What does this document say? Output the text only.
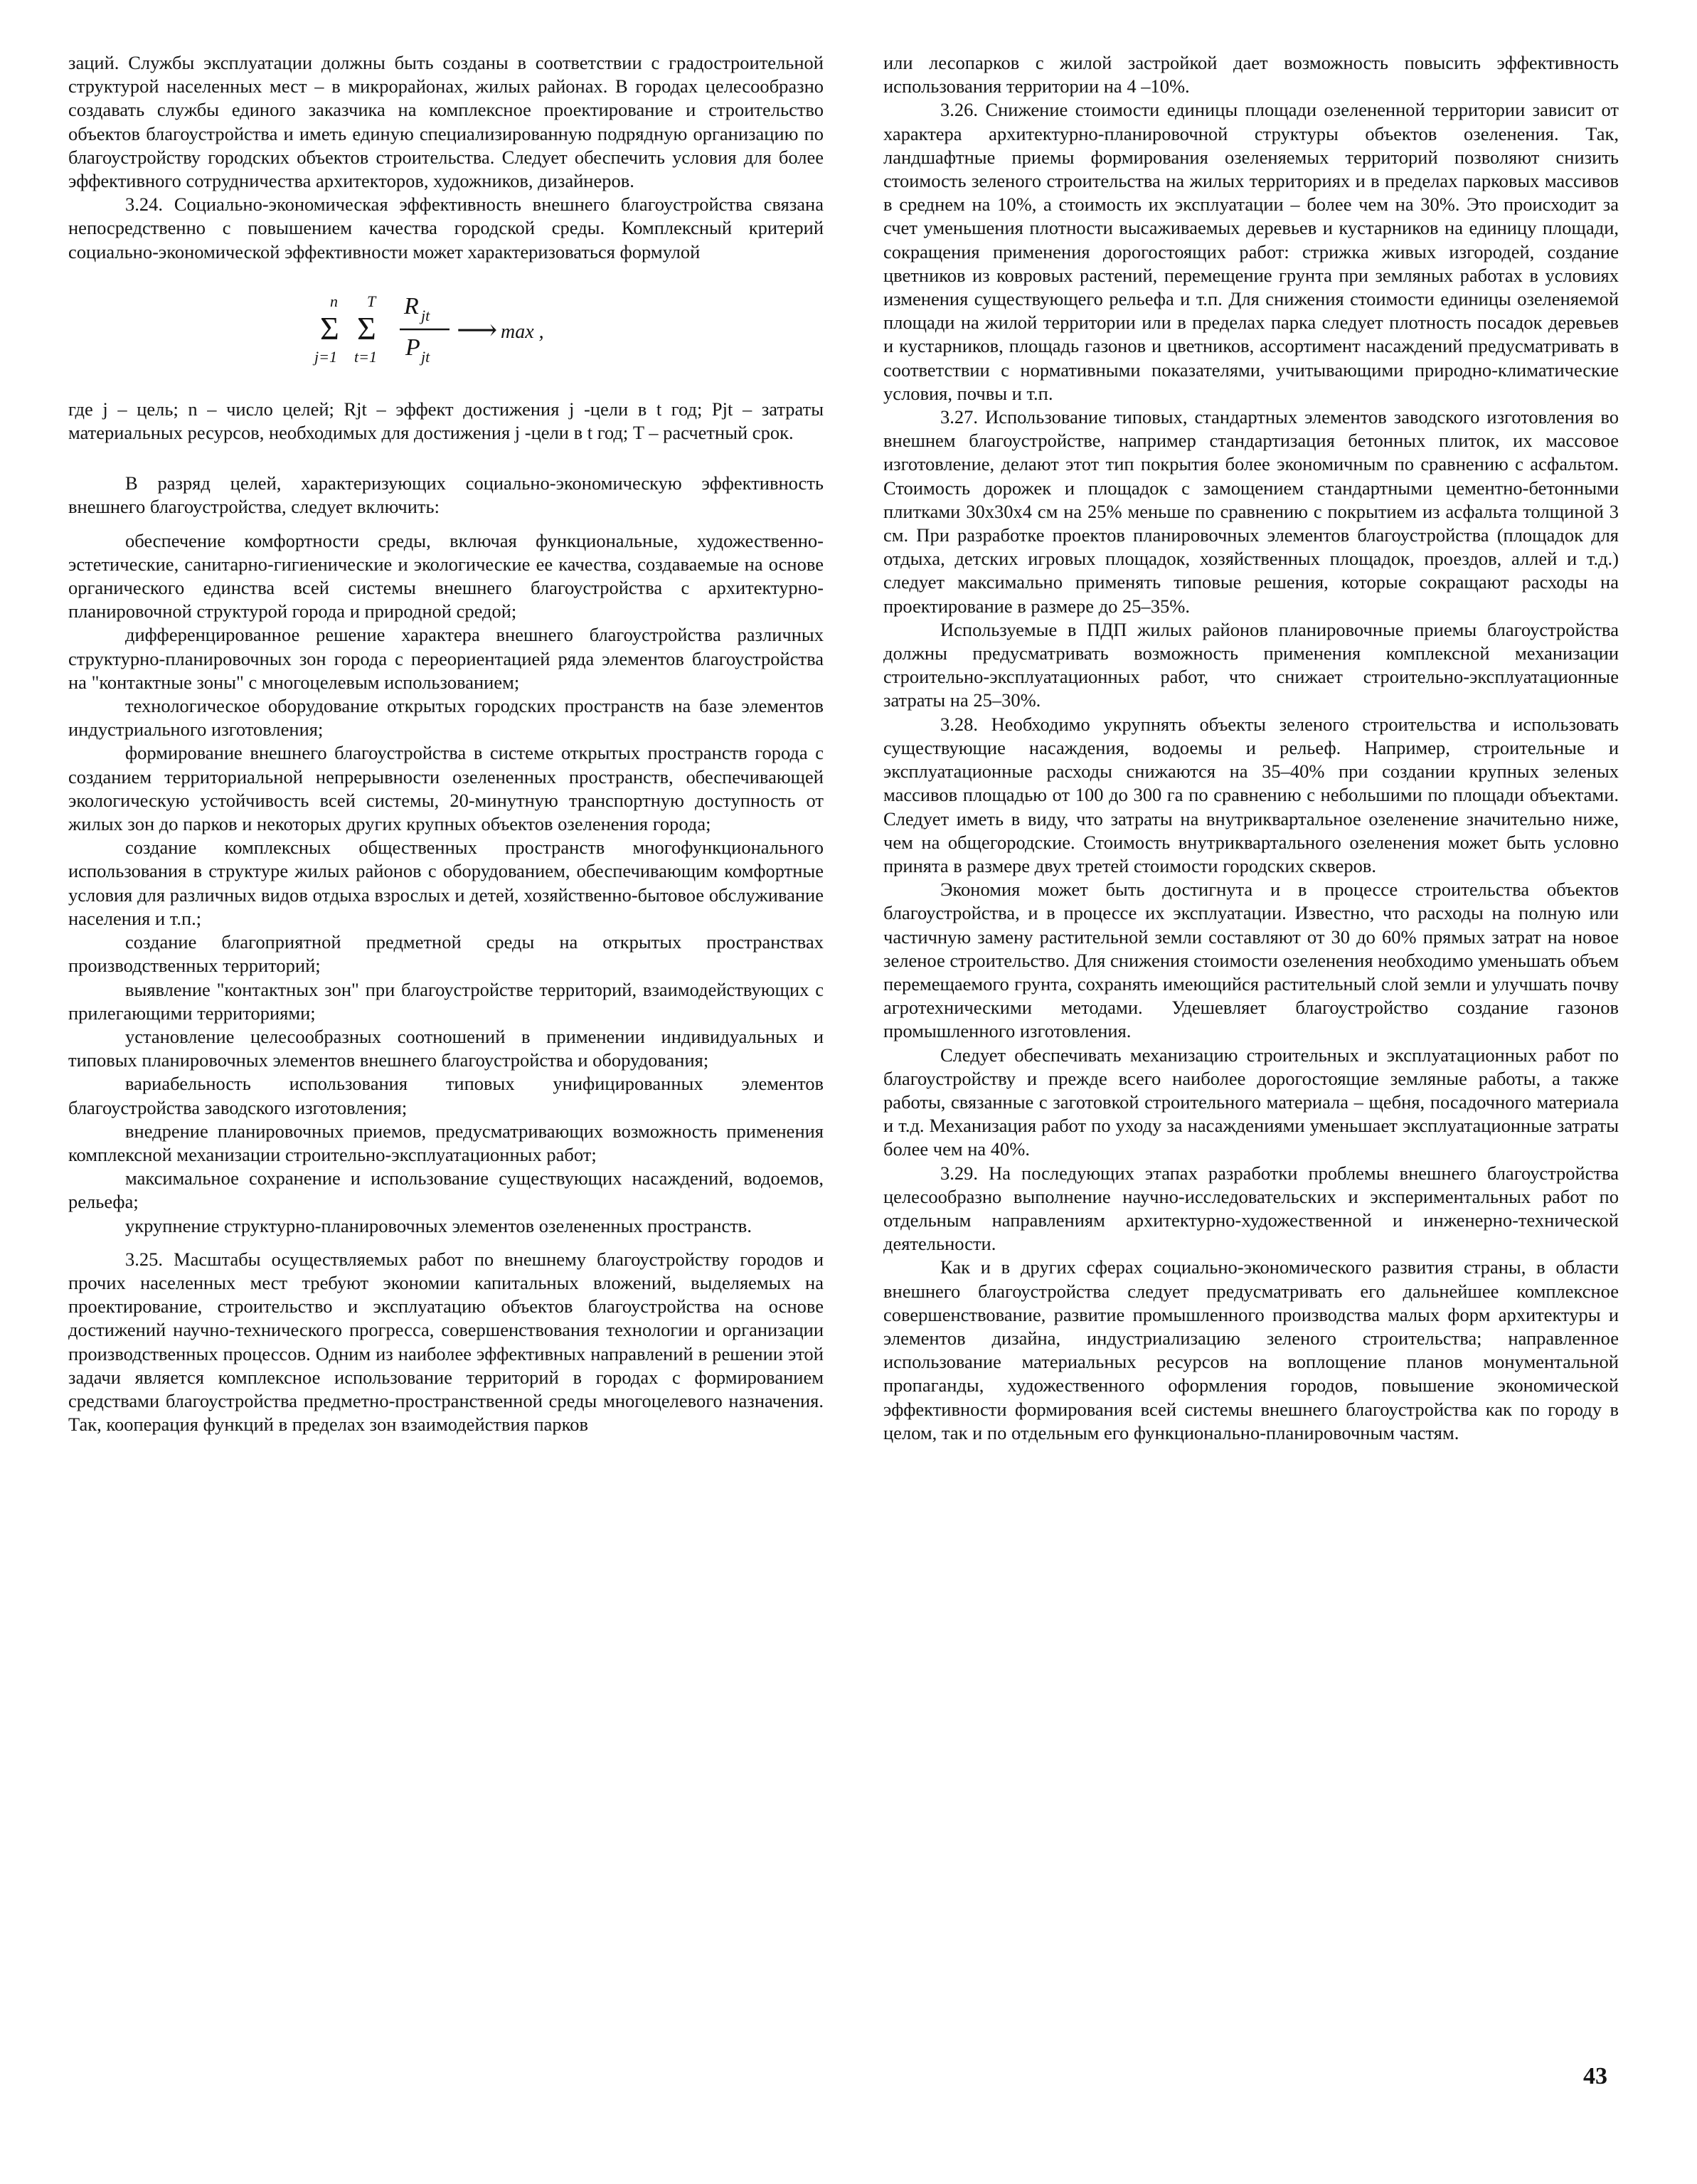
заций. Службы эксплуатации должны быть созданы в соответствии с градостроительной структурой населенных мест – в микрорайонах, жилых районах. В городах целесообразно создавать службы единого заказчика на комплексное проектирование и строительство объектов благоустройства и иметь единую специализированную подрядную организацию по благоустройству городских объектов строительства. Следует обеспечить условия для более эффективного сотрудничества архитекторов, художников, дизайнеров.

3.24. Социально-экономическая эффективность внешнего благоустройства связана непосредственно с повышением качества городской среды. Комплексный критерий социально-экономической эффективности может характеризоваться формулой

n T
Σ Σ
j=1 t=1
R jt
P jt
⟶ max ,

где j – цель; n – число целей; Rjt – эффект достижения j -цели в t год; Pjt – затраты материальных ресурсов, необходимых для достижения j -цели в t год; T – расчетный срок.

В разряд целей, характеризующих социально-экономическую эффективность внешнего благоустройства, следует включить:

обеспечение комфортности среды, включая функциональные, художественно-эстетические, санитарно-гигиенические и экологические ее качества, создаваемые на основе органического единства всей системы внешнего благоустройства с архитектурно-планировочной структурой города и природной средой;

дифференцированное решение характера внешнего благоустройства различных структурно-планировочных зон города с переориентацией ряда элементов благоустройства на "контактные зоны" с многоцелевым использованием;

технологическое оборудование открытых городских пространств на базе элементов индустриального изготовления;

формирование внешнего благоустройства в системе открытых пространств города с созданием территориальной непрерывности озелененных пространств, обеспечивающей экологическую устойчивость всей системы, 20-минутную транспортную доступность от жилых зон до парков и некоторых других крупных объектов озеленения города;

создание комплексных общественных пространств многофункционального использования в структуре жилых районов с оборудованием, обеспечивающим комфортные условия для различных видов отдыха взрослых и детей, хозяйственно-бытовое обслуживание населения и т.п.;

создание благоприятной предметной среды на открытых пространствах производственных территорий;

выявление "контактных зон" при благоустройстве территорий, взаимодействующих с прилегающими территориями;

установление целесообразных соотношений в применении индивидуальных и типовых планировочных элементов внешнего благоустройства и оборудования;

вариабельность использования типовых унифицированных элементов благоустройства заводского изготовления;

внедрение планировочных приемов, предусматривающих возможность применения комплексной механизации строительно-эксплуатационных работ;

максимальное сохранение и использование существующих насаждений, водоемов, рельефа;

укрупнение структурно-планировочных элементов озелененных пространств.

3.25. Масштабы осуществляемых работ по внешнему благоустройству городов и прочих населенных мест требуют экономии капитальных вложений, выделяемых на проектирование, строительство и эксплуатацию объектов благоустройства на основе достижений научно-технического прогресса, совершенствования технологии и организации производственных процессов. Одним из наиболее эффективных направлений в решении этой задачи является комплексное использование территорий в городах с формированием средствами благоустройства предметно-пространственной среды многоцелевого назначения. Так, кооперация функций в пределах зон взаимодействия парков

или лесопарков с жилой застройкой дает возможность повысить эффективность использования территории на 4 –10%.

3.26. Снижение стоимости единицы площади озелененной территории зависит от характера архитектурно-планировочной структуры объектов озеленения. Так, ландшафтные приемы формирования озеленяемых территорий позволяют снизить стоимость зеленого строительства на жилых территориях и в пределах парковых массивов в среднем на 10%, а стоимость их эксплуатации – более чем на 30%. Это происходит за счет уменьшения плотности высаживаемых деревьев и кустарников на единицу площади, сокращения применения дорогостоящих работ: стрижка живых изгородей, создание цветников из ковровых растений, перемещение грунта при земляных работах в условиях изменения существующего рельефа и т.п. Для снижения стоимости единицы озеленяемой площади на жилой территории или в пределах парка следует плотность посадок деревьев и кустарников, площадь газонов и цветников, ассортимент насаждений предусматривать в соответствии с нормативными показателями, учитывающими природно-климатические условия, почвы и т.п.

3.27. Использование типовых, стандартных элементов заводского изготовления во внешнем благоустройстве, например стандартизация бетонных плиток, их массовое изготовление, делают этот тип покрытия более экономичным по сравнению с асфальтом. Стоимость дорожек и площадок с замощением стандартными цементно-бетонными плитками 30х30х4 см на 25% меньше по сравнению с покрытием из асфальта толщиной 3 см. При разработке проектов планировочных элементов благоустройства (площадок для отдыха, детских игровых площадок, хозяйственных площадок, проездов, аллей и т.д.) следует максимально применять типовые решения, которые сокращают расходы на проектирование в размере до 25–35%.

Используемые в ПДП жилых районов планировочные приемы благоустройства должны предусматривать возможность применения комплексной механизации строительно-эксплуатационных работ, что снижает строительно-эксплуатационные затраты на 25–30%.

3.28. Необходимо укрупнять объекты зеленого строительства и использовать существующие насаждения, водоемы и рельеф. Например, строительные и эксплуатационные расходы снижаются на 35–40% при создании крупных зеленых массивов площадью от 100 до 300 га по сравнению с небольшими по площади объектами. Следует иметь в виду, что затраты на внутриквартальное озеленение значительно ниже, чем на общегородские. Стоимость внутриквартального озеленения может быть условно принята в размере двух третей стоимости городских скверов.

Экономия может быть достигнута и в процессе строительства объектов благоустройства, и в процессе их эксплуатации. Известно, что расходы на полную или частичную замену растительной земли составляют от 30 до 60% прямых затрат на новое зеленое строительство. Для снижения стоимости озеленения необходимо уменьшать объем перемещаемого грунта, сохранять имеющийся растительный слой земли и улучшать почву агротехническими методами. Удешевляет благоустройство создание газонов промышленного изготовления.

Следует обеспечивать механизацию строительных и эксплуатационных работ по благоустройству и прежде всего наиболее дорогостоящие земляные работы, а также работы, связанные с заготовкой строительного материала – щебня, посадочного материала и т.д. Механизация работ по уходу за насаждениями уменьшает эксплуатационные затраты более чем на 40%.

3.29. На последующих этапах разработки проблемы внешнего благоустройства целесообразно выполнение научно-исследовательских и экспериментальных работ по отдельным направлениям архитектурно-художественной и инженерно-технической деятельности.

Как и в других сферах социально-экономического развития страны, в области внешнего благоустройства следует предусматривать его дальнейшее комплексное совершенствование, развитие промышленного производства малых форм архитектуры и элементов дизайна, индустриализацию зеленого строительства; направленное использование материальных ресурсов на воплощение планов монументальной пропаганды, художественного оформления городов, повышение экономической эффективности формирования всей системы внешнего благоустройства как по городу в целом, так и по отдельным его функционально-планировочным частям.

43
